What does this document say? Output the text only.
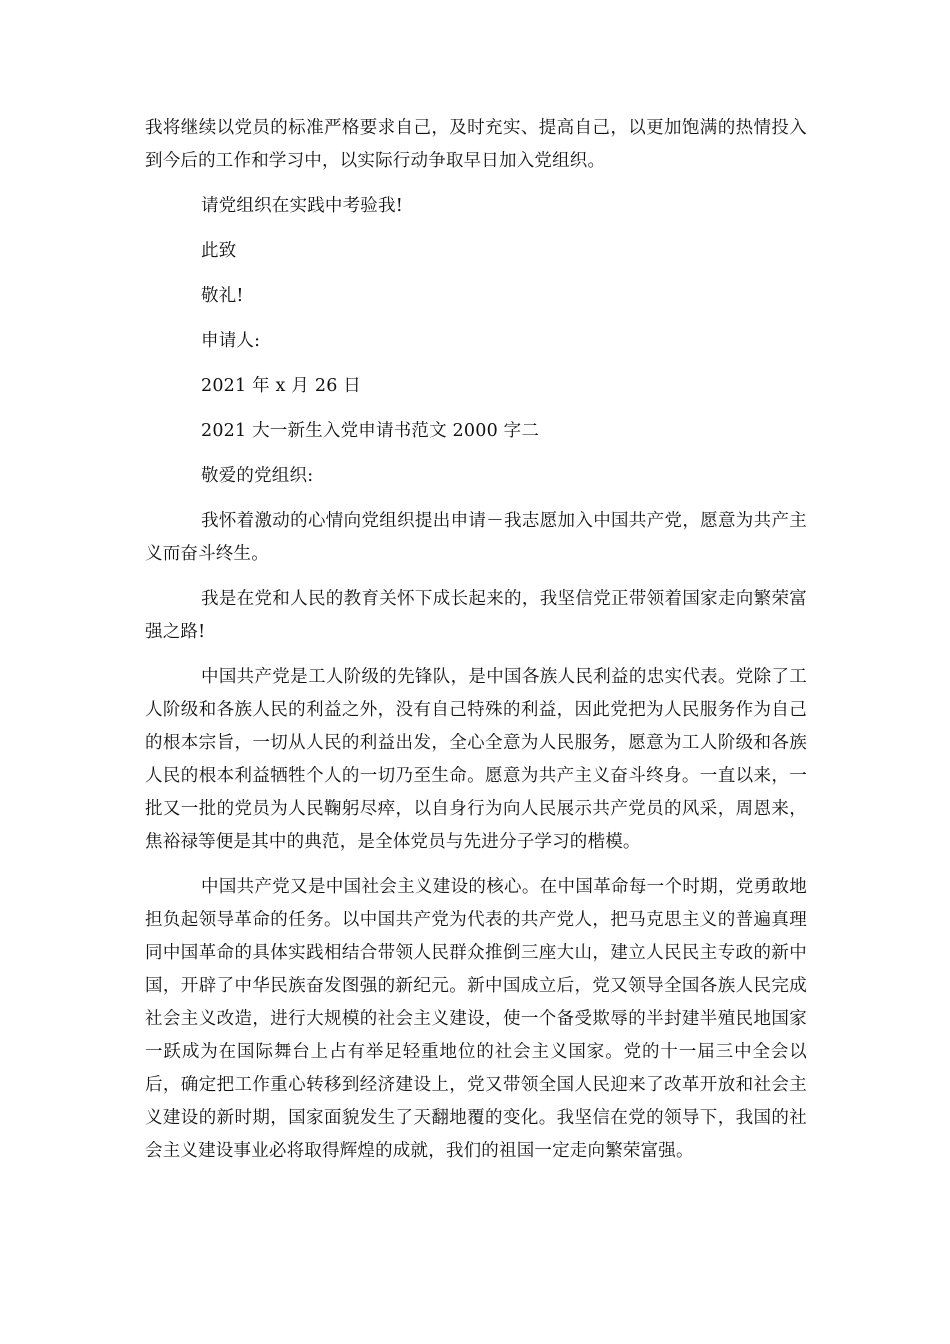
我将继续以党员的标准严格要求自己，及时充实、提高自己，以更加饱满的热情投入到今后的工作和学习中，以实际行动争取早日加入党组织。

请党组织在实践中考验我!

此致

敬礼!

申请人:

2021 年 x 月 26 日

2021 大一新生入党申请书范文 2000 字二

敬爱的党组织:

我怀着激动的心情向党组织提出申请－我志愿加入中国共产党，愿意为共产主义而奋斗终生。

我是在党和人民的教育关怀下成长起来的，我坚信党正带领着国家走向繁荣富强之路!

中国共产党是工人阶级的先锋队，是中国各族人民利益的忠实代表。党除了工人阶级和各族人民的利益之外，没有自己特殊的利益，因此党把为人民服务作为自己的根本宗旨，一切从人民的利益出发，全心全意为人民服务，愿意为工人阶级和各族人民的根本利益牺牲个人的一切乃至生命。愿意为共产主义奋斗终身。一直以来，一批又一批的党员为人民鞠躬尽瘁，以自身行为向人民展示共产党员的风采，周恩来，焦裕禄等便是其中的典范，是全体党员与先进分子学习的楷模。

中国共产党又是中国社会主义建设的核心。在中国革命每一个时期，党勇敢地担负起领导革命的任务。以中国共产党为代表的共产党人，把马克思主义的普遍真理同中国革命的具体实践相结合带领人民群众推倒三座大山，建立人民民主专政的新中国，开辟了中华民族奋发图强的新纪元。新中国成立后，党又领导全国各族人民完成社会主义改造，进行大规模的社会主义建设，使一个备受欺辱的半封建半殖民地国家一跃成为在国际舞台上占有举足轻重地位的社会主义国家。党的十一届三中全会以后，确定把工作重心转移到经济建设上，党又带领全国人民迎来了改革开放和社会主义建设的新时期，国家面貌发生了天翻地覆的变化。我坚信在党的领导下，我国的社会主义建设事业必将取得辉煌的成就，我们的祖国一定走向繁荣富强。
